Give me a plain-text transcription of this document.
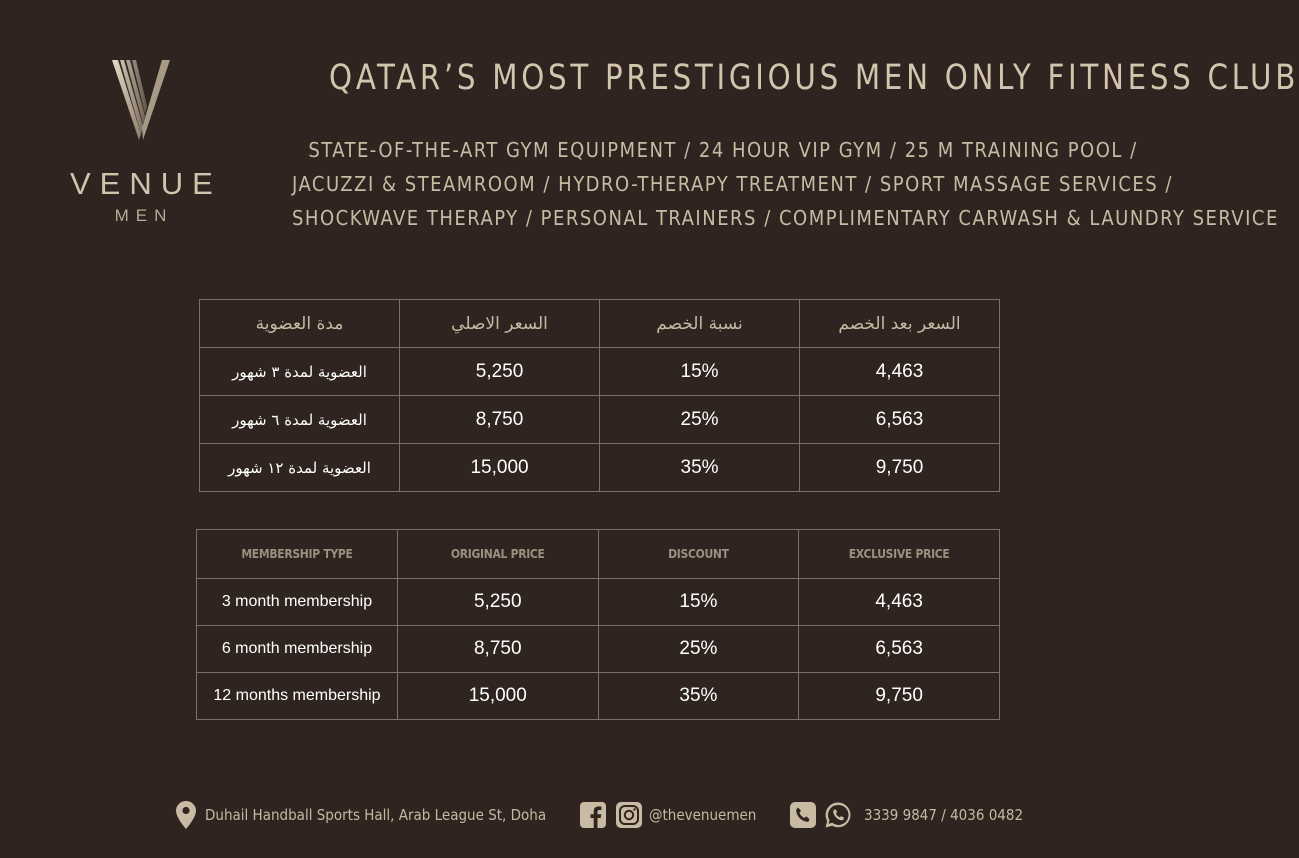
VENUE
MEN
QATAR’S MOST PRESTIGIOUS MEN ONLY FITNESS CLUB
STATE-OF-THE-ART GYM EQUIPMENT / 24 HOUR VIP GYM / 25 M TRAINING POOL /
JACUZZI & STEAMROOM / HYDRO-THERAPY TREATMENT / SPORT MASSAGE SERVICES /
SHOCKWAVE THERAPY / PERSONAL TRAINERS / COMPLIMENTARY CARWASH & LAUNDRY SERVICE
مدة العضوية	السعر الاصلي	نسبة الخصم	السعر بعد الخصم
العضوية لمدة ٣ شهور	5,250	15%	4,463
العضوية لمدة ٦ شهور	8,750	25%	6,563
العضوية لمدة ١٢ شهور	15,000	35%	9,750
MEMBERSHIP TYPE	ORIGINAL PRICE	DISCOUNT	EXCLUSIVE PRICE
3 month membership	5,250	15%	4,463
6 month membership	8,750	25%	6,563
12 months membership	15,000	35%	9,750
Duhail Handball Sports Hall, Arab League St, Doha	@thevenuemen	3339 9847 / 4036 0482
